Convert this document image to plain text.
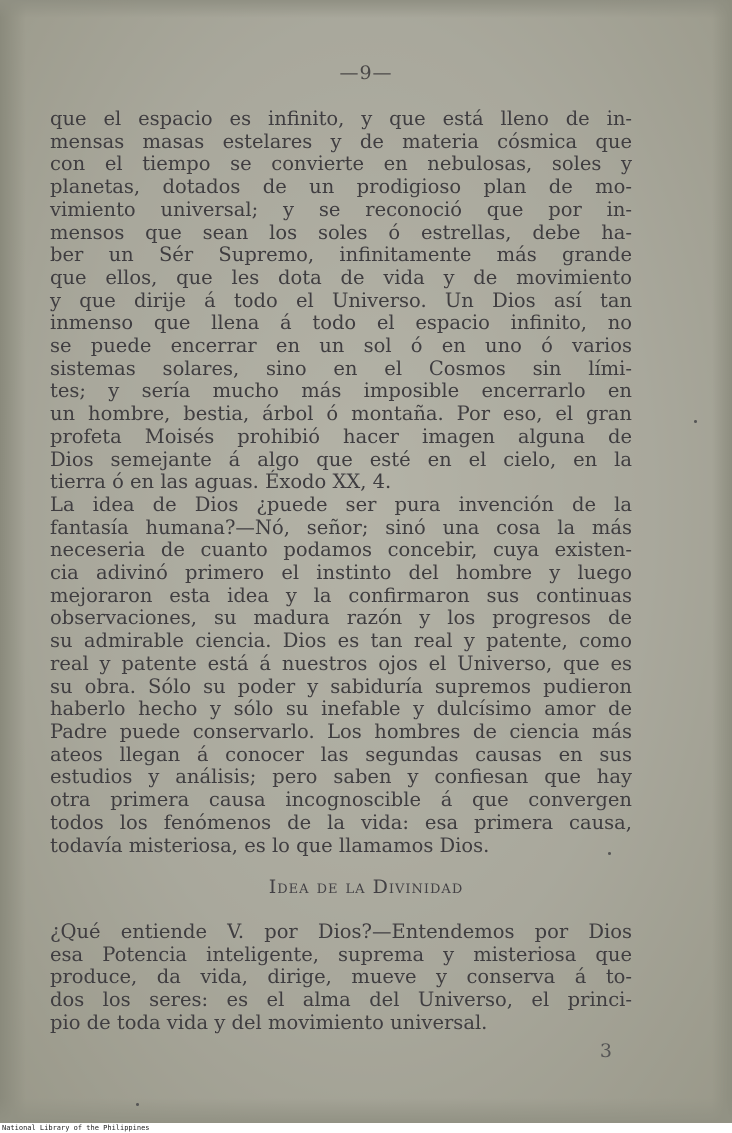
—9—
que el espacio es infinito, y que está lleno de in-
mensas masas estelares y de materia cósmica que
con el tiempo se convierte en nebulosas, soles y
planetas, dotados de un prodigioso plan de mo-
vimiento universal; y se reconoció que por in-
mensos que sean los soles ó estrellas, debe ha-
ber un Sér Supremo, infinitamente más grande
que ellos, que les dota de vida y de movimiento
y que dirije á todo el Universo. Un Dios así tan
inmenso que llena á todo el espacio infinito, no
se puede encerrar en un sol ó en uno ó varios
sistemas solares, sino en el Cosmos sin lími-
tes; y sería mucho más imposible encerrarlo en
un hombre, bestia, árbol ó montaña. Por eso, el gran
profeta Moisés prohibió hacer imagen alguna de
Dios semejante á algo que esté en el cielo, en la
tierra ó en las aguas. Éxodo XX, 4.
La idea de Dios ¿puede ser pura invención de la
fantasía humana?—Nó, señor; sinó una cosa la más
neceseria de cuanto podamos concebir, cuya existen-
cia adivinó primero el instinto del hombre y luego
mejoraron esta idea y la confirmaron sus continuas
observaciones, su madura razón y los progresos de
su admirable ciencia. Dios es tan real y patente, como
real y patente está á nuestros ojos el Universo, que es
su obra. Sólo su poder y sabiduría supremos pudieron
haberlo hecho y sólo su inefable y dulcísimo amor de
Padre puede conservarlo. Los hombres de ciencia más
ateos llegan á conocer las segundas causas en sus
estudios y análisis; pero saben y confiesan que hay
otra primera causa incognoscible á que convergen
todos los fenómenos de la vida: esa primera causa,
todavía misteriosa, es lo que llamamos Dios.
Idea de la Divinidad
¿Qué entiende V. por Dios?—Entendemos por Dios
esa Potencia inteligente, suprema y misteriosa que
produce, da vida, dirige, mueve y conserva á to-
dos los seres: es el alma del Universo, el princi-
pio de toda vida y del movimiento universal.
3
National Library of the Philippines
